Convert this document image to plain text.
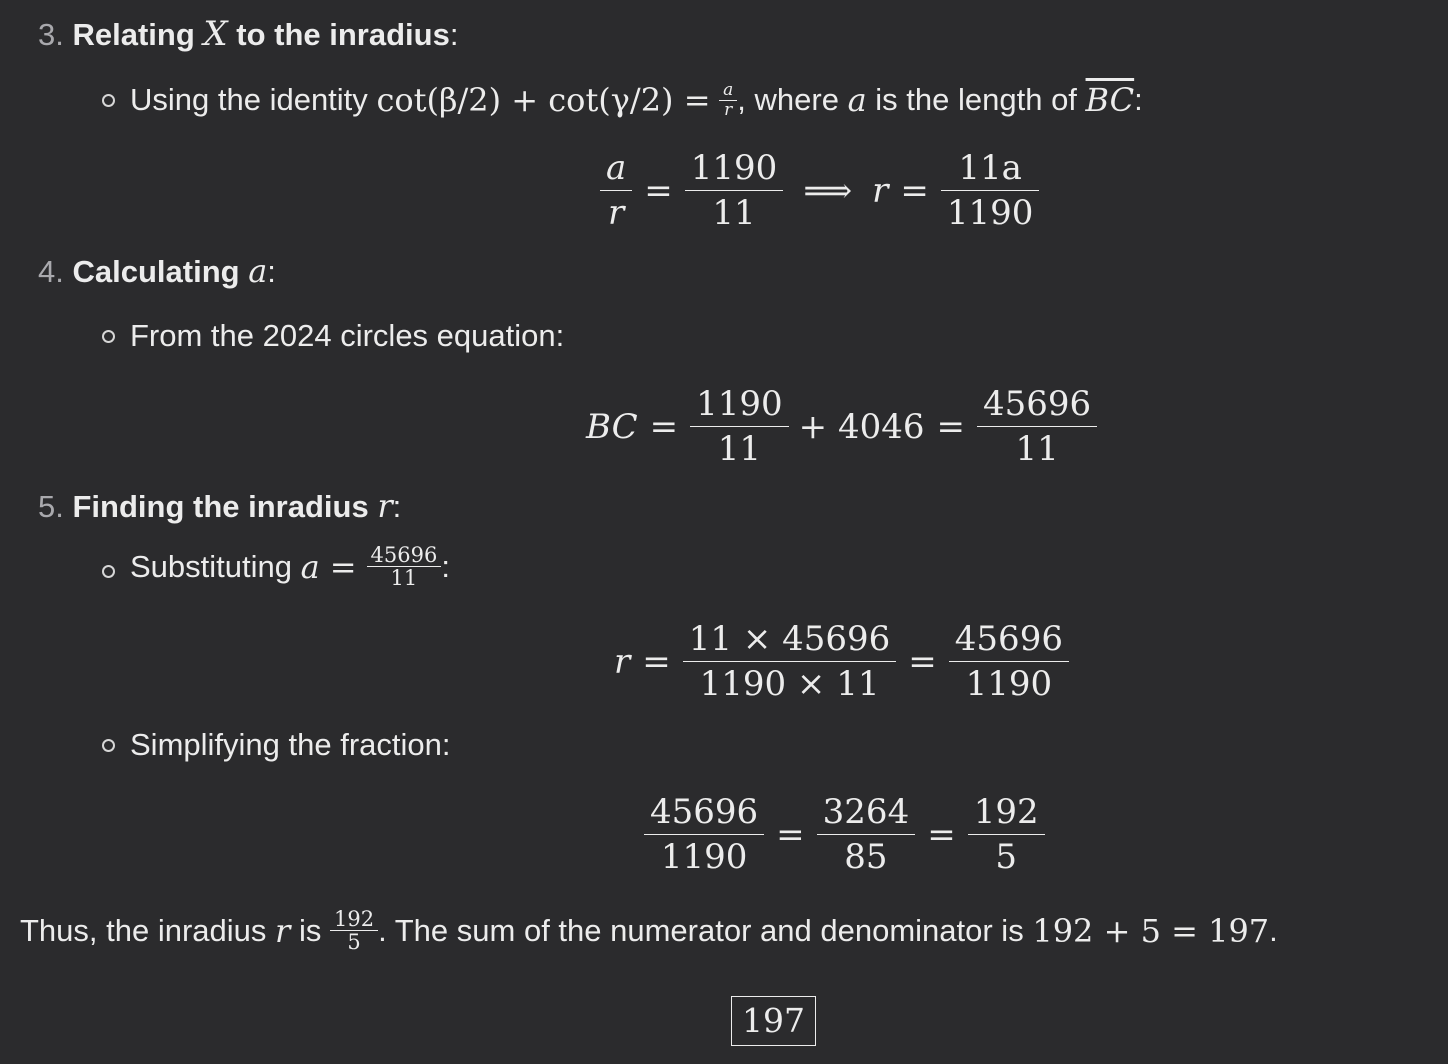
3. Relating X to the inradius:
Using the identity
cot(β/2) + cot(γ/2) =
$\frac{a}{r}$ , where
a
is the length of
$\overline{BC}$ :
$\frac{a}{r} = \frac{1190}{11}$ ⟹ $r = \frac{11a}{1190}$
4. Calculating a:
From the 2024 circles equation:
BC = $\frac{1190}{11} + 4046 = \frac{45696}{11}$
5. Finding the inradius r:
Substituting
$a = \frac{45696}{11}$ :
$r = \frac{11 \times 45696}{1190 \times 11} = \frac{45696}{1190}$
Simplifying the fraction:
$\frac{45696}{1190} = \frac{3264}{85} = \frac{192}{5}$
Thus, the inradius
r
is
$\frac{192}{5}$ . The sum of the numerator and denominator is
192 + 5 = 197 .
197
